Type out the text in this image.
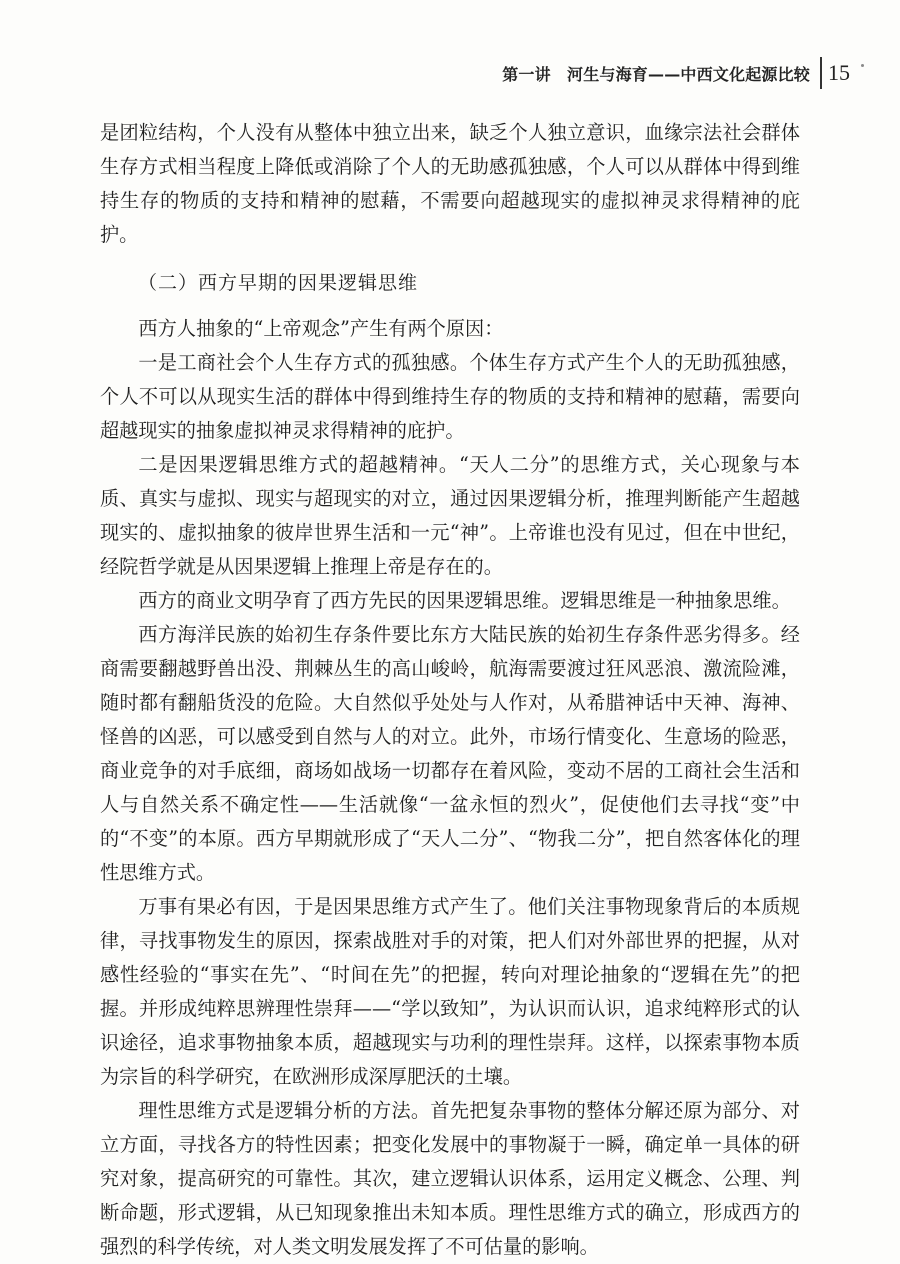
第一讲　河生与海育——中西文化起源比较 15

是团粒结构，个人没有从整体中独立出来，缺乏个人独立意识，血缘宗法社会群体生存方式相当程度上降低或消除了个人的无助感孤独感，个人可以从群体中得到维持生存的物质的支持和精神的慰藉，不需要向超越现实的虚拟神灵求得精神的庇护。

（二）西方早期的因果逻辑思维

西方人抽象的“上帝观念”产生有两个原因：

一是工商社会个人生存方式的孤独感。个体生存方式产生个人的无助孤独感，个人不可以从现实生活的群体中得到维持生存的物质的支持和精神的慰藉，需要向超越现实的抽象虚拟神灵求得精神的庇护。

二是因果逻辑思维方式的超越精神。“天人二分”的思维方式，关心现象与本质、真实与虚拟、现实与超现实的对立，通过因果逻辑分析，推理判断能产生超越现实的、虚拟抽象的彼岸世界生活和一元“神”。上帝谁也没有见过，但在中世纪，经院哲学就是从因果逻辑上推理上帝是存在的。

西方的商业文明孕育了西方先民的因果逻辑思维。逻辑思维是一种抽象思维。

西方海洋民族的始初生存条件要比东方大陆民族的始初生存条件恶劣得多。经商需要翻越野兽出没、荆棘丛生的高山峻岭，航海需要渡过狂风恶浪、激流险滩，随时都有翻船货没的危险。大自然似乎处处与人作对，从希腊神话中天神、海神、怪兽的凶恶，可以感受到自然与人的对立。此外，市场行情变化、生意场的险恶，商业竞争的对手底细，商场如战场一切都存在着风险，变动不居的工商社会生活和人与自然关系不确定性——生活就像“一盆永恒的烈火”，促使他们去寻找“变”中的“不变”的本原。西方早期就形成了“天人二分”、“物我二分”，把自然客体化的理性思维方式。

万事有果必有因，于是因果思维方式产生了。他们关注事物现象背后的本质规律，寻找事物发生的原因，探索战胜对手的对策，把人们对外部世界的把握，从对感性经验的“事实在先”、“时间在先”的把握，转向对理论抽象的“逻辑在先”的把握。并形成纯粹思辨理性崇拜——“学以致知”，为认识而认识，追求纯粹形式的认识途径，追求事物抽象本质，超越现实与功利的理性崇拜。这样，以探索事物本质为宗旨的科学研究，在欧洲形成深厚肥沃的土壤。

理性思维方式是逻辑分析的方法。首先把复杂事物的整体分解还原为部分、对立方面，寻找各方的特性因素；把变化发展中的事物凝于一瞬，确定单一具体的研究对象，提高研究的可靠性。其次，建立逻辑认识体系，运用定义概念、公理、判断命题，形式逻辑，从已知现象推出未知本质。理性思维方式的确立，形成西方的强烈的科学传统，对人类文明发展发挥了不可估量的影响。
